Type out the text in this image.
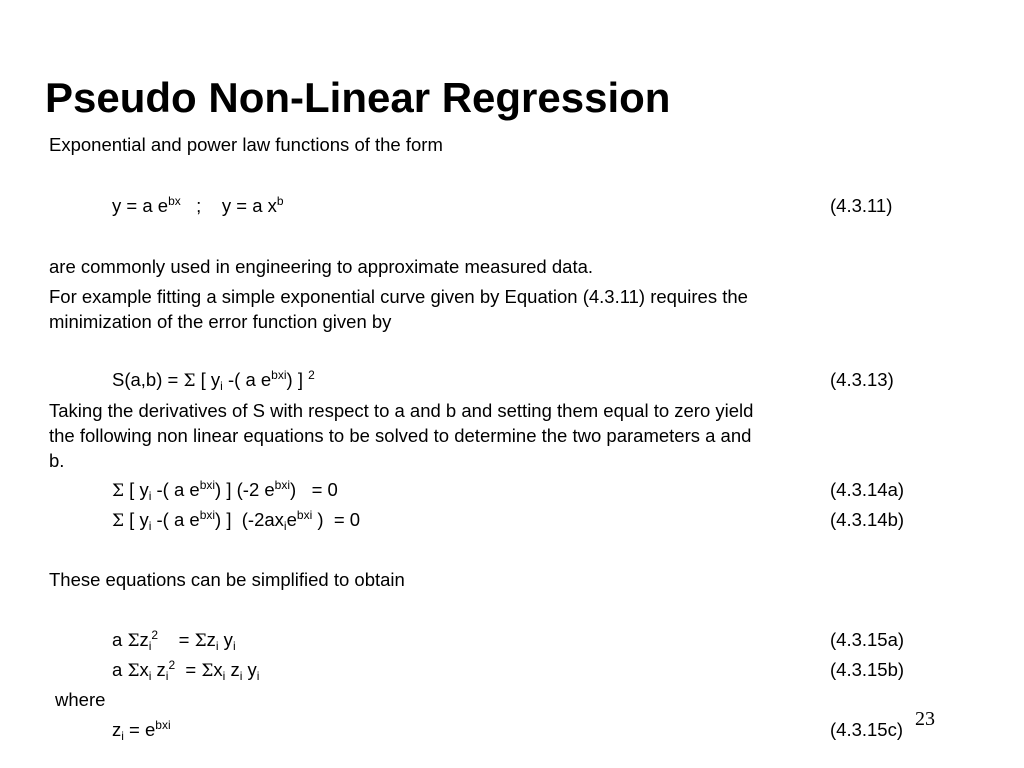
Pseudo Non-Linear Regression

Exponential and power law functions of the form

y = a $e^{bx}$   ;    y = a $x^b$	(4.3.11)

are commonly used in engineering to approximate measured data.

For example fitting a simple exponential curve given by Equation (4.3.11) requires the

minimization of the error function given by

S(a,b) = Σ [ $y_i$ -( a $e^{bxi}$) ] $^2$	(4.3.13)

Taking the derivatives of S with respect to a and b and setting them equal to zero yield

the following non linear equations to be solved to determine the two parameters a and

b.

Σ [ $y_i$ -( a $e^{bxi}$) ] (-2 $e^{bxi}) = 0$	(4.3.14a)
Σ [ $y_i$ -( a $e^{bxi}$) ]  ($-2ax_ie^{bxi}$ )  = 0	(4.3.14b)

These equations can be simplified to obtain

a $\Sigma z_i^2$    = $\Sigma z_i$ $y_i$	(4.3.15a)
a $\Sigma x_i$ $z_i^2 = \Sigma x_i$ $z_i$ $y_i$	(4.3.15b)

where

$z_i = e^{bxi}$	(4.3.15c) 23
